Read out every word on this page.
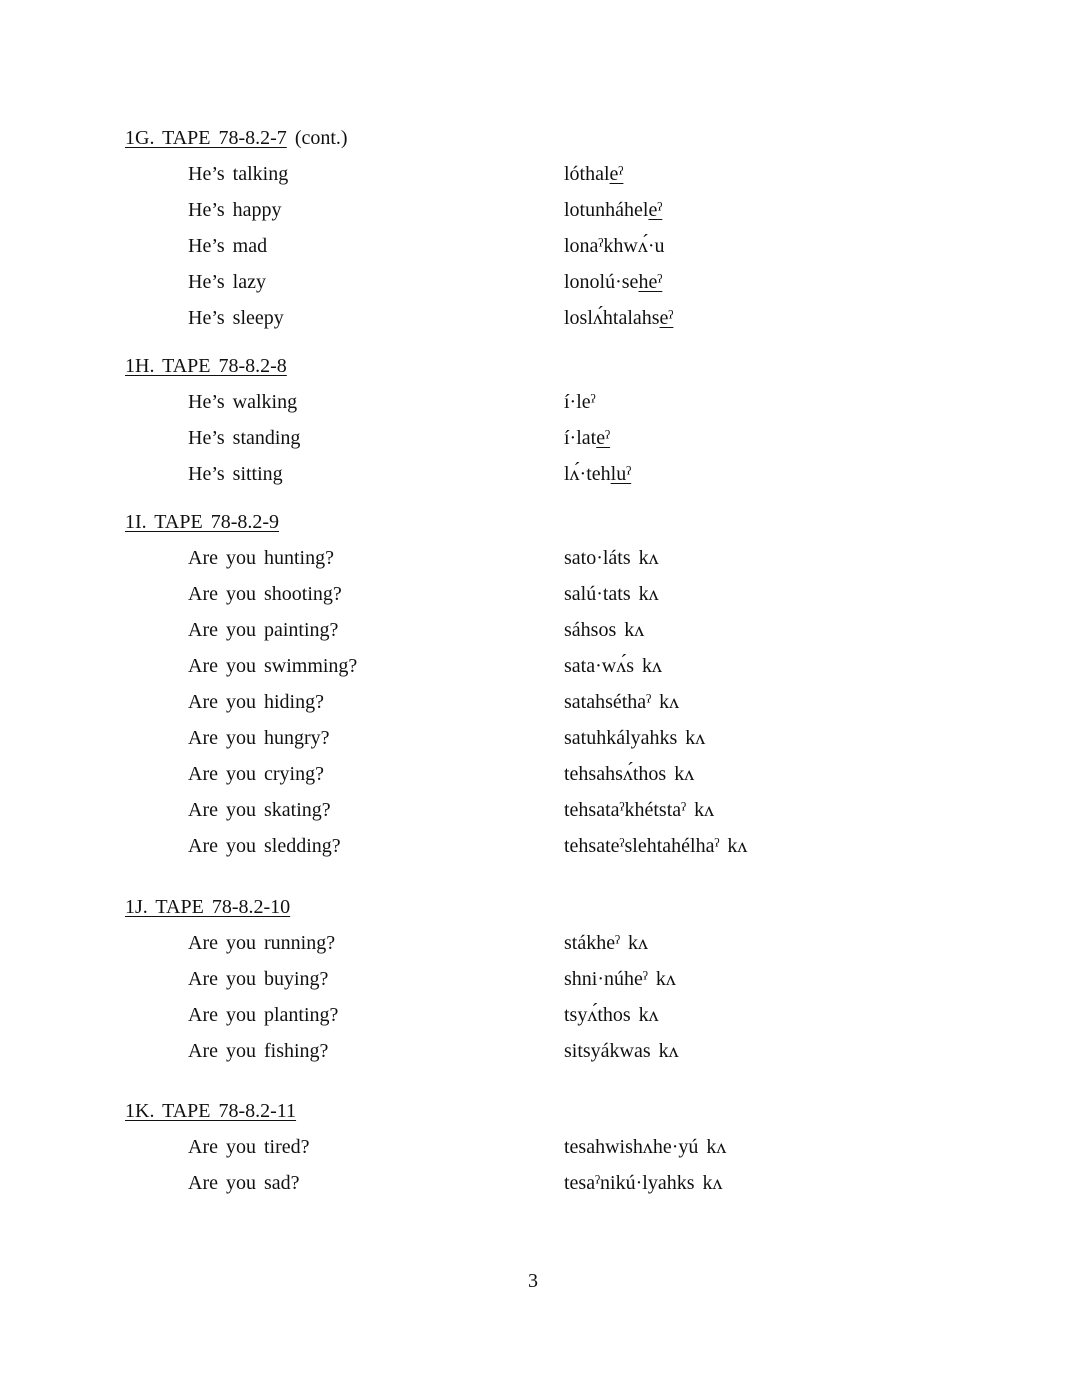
3
1G. TAPE 78-8.2-7 (cont.)
He’s talking	lóthaleˀ
He’s happy	lotunháheleˀ
He’s mad	lonaˀkhwʌ́·u
He’s lazy	lonolú·seheˀ
He’s sleepy	loslʌ́htalahseˀ
1H. TAPE 78-8.2-8
He’s walking	í·leˀ
He’s standing	í·lateˀ
He’s sitting	lʌ́·tehluˀ
1I. TAPE 78-8.2-9
Are you hunting?	sato·láts kʌ
Are you shooting?	salú·tats kʌ
Are you painting?	sáhsos kʌ
Are you swimming?	sata·wʌ́s kʌ
Are you hiding?	satahséthaˀ kʌ
Are you hungry?	satuhkályahks kʌ
Are you crying?	tehsahsʌ́thos kʌ
Are you skating?	tehsataˀkhétstaˀ kʌ
Are you sledding?	tehsateˀslehtahélhaˀ kʌ
1J. TAPE 78-8.2-10
Are you running?	stákheˀ kʌ
Are you buying?	shni·núheˀ kʌ
Are you planting?	tsyʌ́thos kʌ
Are you fishing?	sitsyákwas kʌ
1K. TAPE 78-8.2-11
Are you tired?	tesahwishʌhe·yú kʌ
Are you sad?	tesaˀnikú·lyahks kʌ
